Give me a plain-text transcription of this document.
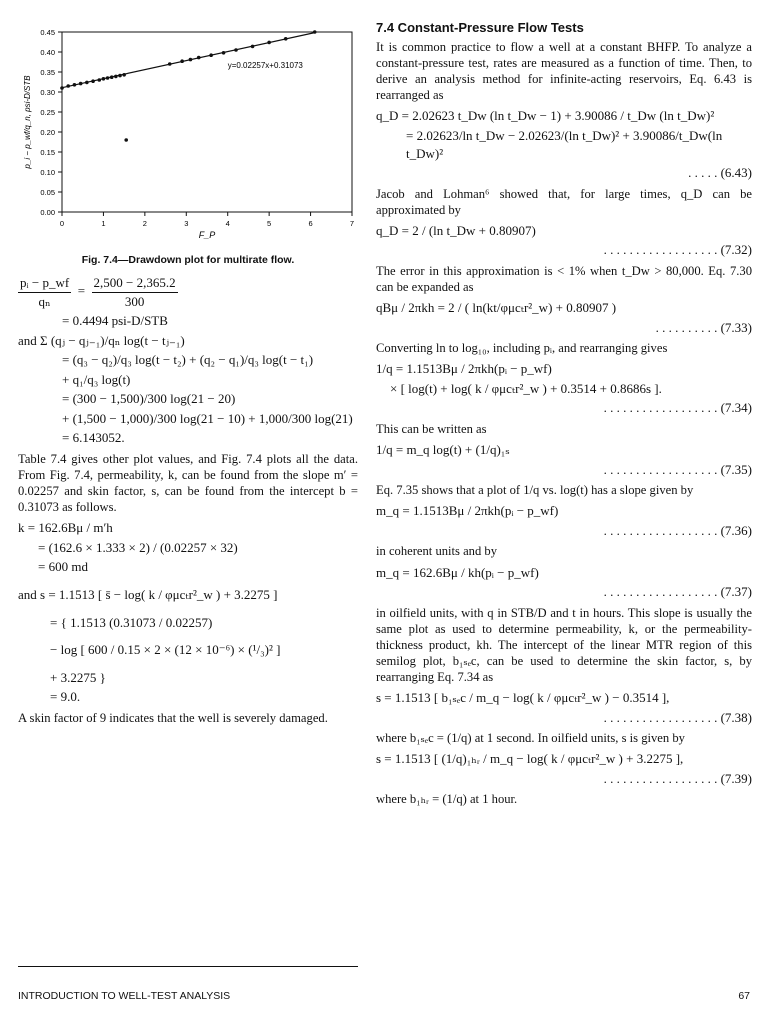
0.00
0.05
0.10
0.15
0.20
0.25
0.30
0.35
0.40
0.45
0	1	2	3	4	5	6	7
F_P
p_i − p_wf/q_n, psi-D/STB
y=0.02257x+0.31073
Fig. 7.4—Drawdown plot for multirate flow.
$\frac{\text{pᵢ − p\_wf}}{\text{qₙ}} = \frac{2,500 - 2,365.2}{300}$
= 0.4494 psi-D/STB
and Σ (qⱼ − qⱼ₋₁)/qₙ log(t − tⱼ₋₁)
= (q₃ − q₂)/q₃ log(t − t₂) + (q₂ − q₁)/q₃ log(t − t₁)
+ q₁/q₃ log(t)
= (300 − 1,500)/300 log(21 − 20)
+ (1,500 − 1,000)/300 log(21 − 10) + 1,000/300 log(21)
= 6.143052.

Table 7.4 gives other plot values, and Fig. 7.4 plots all the data. From Fig. 7.4, permeability, k, can be found from the slope m′ = 0.02257 and skin factor, s, can be found from the intercept b = 0.31073 as follows.

k = 162.6Bμ / m′h
= (162.6 × 1.333 × 2) / (0.02257 × 32)
= 600 md
and s = 1.1513 [ s̄ − log( k / φμcₜr²_w ) + 3.2275 ]
= { 1.1513 (0.31073 / 0.02257)
− log [ 600 / 0.15 × 2 × (12 × 10⁻⁶) × (¹/₃)² ]
+ 3.2275 }
= 9.0.

A skin factor of 9 indicates that the well is severely damaged.

7.4 Constant-Pressure Flow Tests

It is common practice to flow a well at a constant BHFP. To analyze a constant-pressure test, rates are measured as a function of time. Then, to derive an analysis method for infinite-acting reservoirs, Eq. 6.43 is rearranged as

q_D = 2.02623 t_Dw (ln t_Dw − 1) + 3.90086 / t_Dw (ln t_Dw)²
= 2.02623/ln t_Dw − 2.02623/(ln t_Dw)² + 3.90086/t_Dw(ln t_Dw)²
. . . . . (6.43)

Jacob and Lohman⁶ showed that, for large times, q_D can be approximated by

q_D = 2 / (ln t_Dw + 0.80907)
. . . . . . . . . . . . . . . . . . (7.32)

The error in this approximation is < 1% when t_Dw > 80,000. Eq. 7.30 can be expanded as

qBμ / 2πkh = 2 / ( ln(kt/φμcₜr²_w) + 0.80907 )
. . . . . . . . . . (7.33)

Converting ln to log₁₀, including pᵢ, and rearranging gives

1/q = 1.1513Bμ / 2πkh(pᵢ − p_wf)
× [ log(t) + log( k / φμcₜr²_w ) + 0.3514 + 0.8686s ].
. . . . . . . . . . . . . . . . . . (7.34)

This can be written as

1/q = m_q log(t) + (1/q)₁ₛ
. . . . . . . . . . . . . . . . . . (7.35)

Eq. 7.35 shows that a plot of 1/q vs. log(t) has a slope given by

m_q = 1.1513Bμ / 2πkh(pᵢ − p_wf)
. . . . . . . . . . . . . . . . . . (7.36)

in coherent units and by

m_q = 162.6Bμ / kh(pᵢ − p_wf)
. . . . . . . . . . . . . . . . . . (7.37)

in oilfield units, with q in STB/D and t in hours. This slope is usually the same plot as used to determine permeability, k, or the permeability-thickness product, kh. The intercept of the linear MTR region of this semilog plot, b₁ₛₑc, can be used to determine the skin factor, s, by rearranging Eq. 7.34 as

s = 1.1513 [ b₁ₛₑc / m_q − log( k / φμcₜr²_w ) − 0.3514 ],
. . . . . . . . . . . . . . . . . . (7.38)

where b₁ₛₑc = (1/q) at 1 second. In oilfield units, s is given by

s = 1.1513 [ (1/q)₁ₕᵣ / m_q − log( k / φμcₜr²_w ) + 3.2275 ],
. . . . . . . . . . . . . . . . . . (7.39)

where b₁ₕᵣ = (1/q) at 1 hour.

INTRODUCTION TO WELL-TEST ANALYSIS	67
